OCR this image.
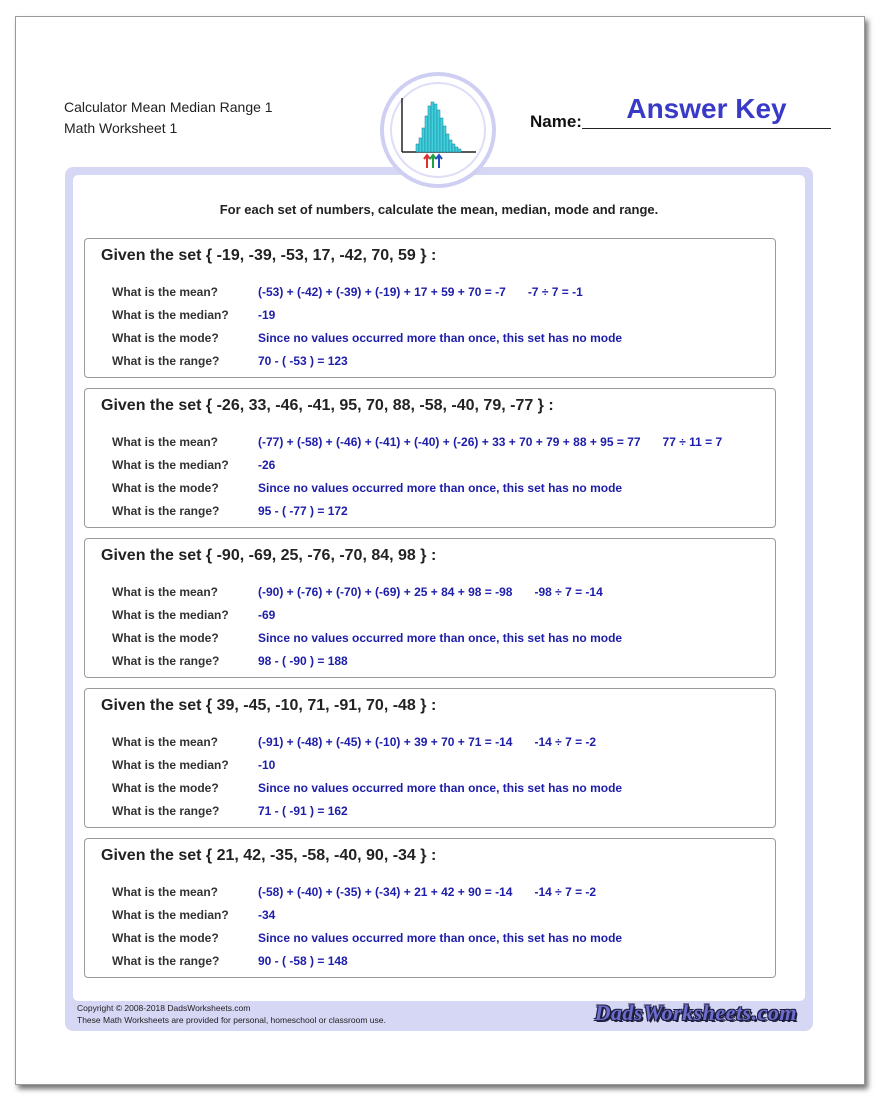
Calculator Mean Median Range 1
Math Worksheet 1
Answer Key
Name:
For each set of numbers, calculate the mean, median, mode and range.
Given the set { -19, -39, -53, 17, -42, 70, 59 } :
What is the mean?	(-53) + (-42) + (-39) + (-19) + 17 + 59 + 70 = -7 -7 ÷ 7 = -1
What is the median? -19
What is the mode?	Since no values occurred more than once, this set has no mode
What is the range?	70 - ( -53 ) = 123
Given the set { -26, 33, -46, -41, 95, 70, 88, -58, -40, 79, -77 } :
What is the mean?	(-77) + (-58) + (-46) + (-41) + (-40) + (-26) + 33 + 70 + 79 + 88 + 95 = 77 77 ÷ 11 = 7
What is the median? -26
What is the mode?	Since no values occurred more than once, this set has no mode
What is the range?	95 - ( -77 ) = 172
Given the set { -90, -69, 25, -76, -70, 84, 98 } :
What is the mean?	(-90) + (-76) + (-70) + (-69) + 25 + 84 + 98 = -98 -98 ÷ 7 = -14
What is the median? -69
What is the mode?	Since no values occurred more than once, this set has no mode
What is the range?	98 - ( -90 ) = 188
Given the set { 39, -45, -10, 71, -91, 70, -48 } :
What is the mean?	(-91) + (-48) + (-45) + (-10) + 39 + 70 + 71 = -14 -14 ÷ 7 = -2
What is the median? -10
What is the mode?	Since no values occurred more than once, this set has no mode
What is the range?	71 - ( -91 ) = 162
Given the set { 21, 42, -35, -58, -40, 90, -34 } :
What is the mean?	(-58) + (-40) + (-35) + (-34) + 21 + 42 + 90 = -14 -14 ÷ 7 = -2
What is the median? -34
What is the mode?	Since no values occurred more than once, this set has no mode
What is the range?	90 - ( -58 ) = 148
Copyright © 2008-2018 DadsWorksheets.com
These Math Worksheets are provided for personal, homeschool or classroom use.	DadsWorksheets.com
